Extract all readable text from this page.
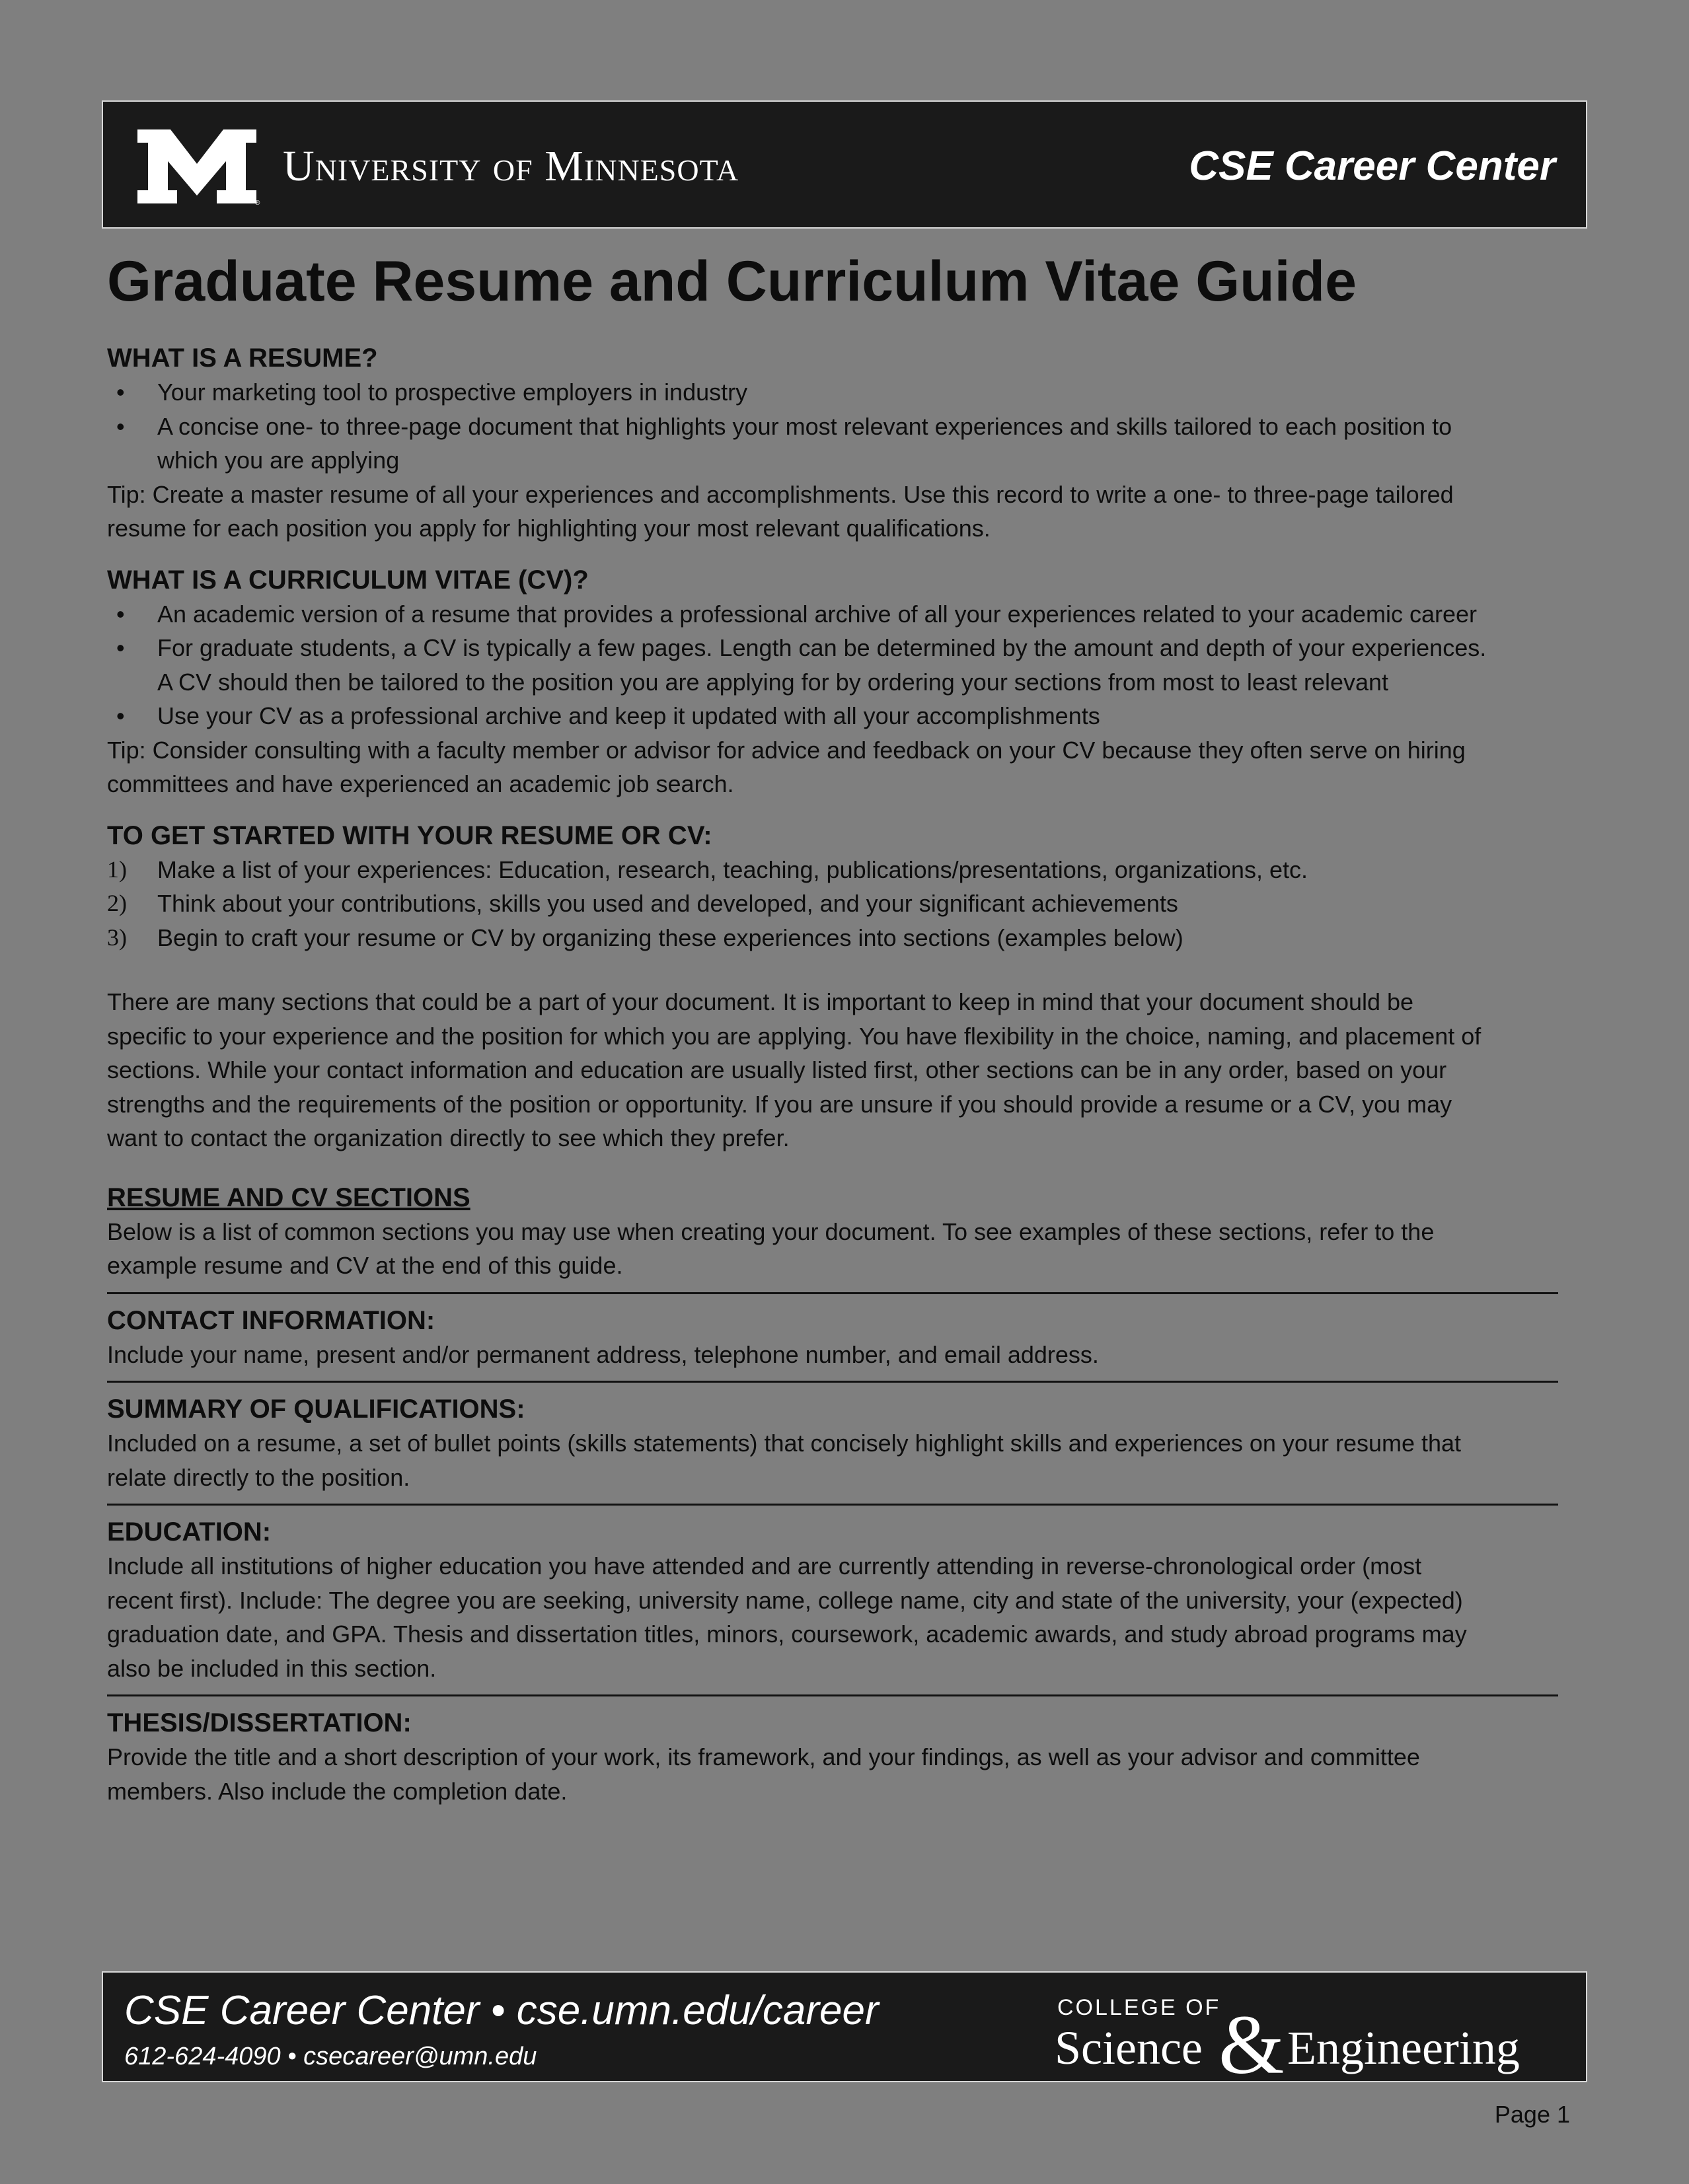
®
University of Minnesota	CSE Career Center
Graduate Resume and Curriculum Vitae Guide
WHAT IS A RESUME?
• Your marketing tool to prospective employers in industry
• A concise one- to three-page document that highlights your most relevant experiences and skills tailored to each position to
which you are applying
Tip: Create a master resume of all your experiences and accomplishments. Use this record to write a one- to three-page tailored
resume for each position you apply for highlighting your most relevant qualifications.
WHAT IS A CURRICULUM VITAE (CV)?
• An academic version of a resume that provides a professional archive of all your experiences related to your academic career
• For graduate students, a CV is typically a few pages. Length can be determined by the amount and depth of your experiences.
A CV should then be tailored to the position you are applying for by ordering your sections from most to least relevant
• Use your CV as a professional archive and keep it updated with all your accomplishments
Tip: Consider consulting with a faculty member or advisor for advice and feedback on your CV because they often serve on hiring
committees and have experienced an academic job search.
TO GET STARTED WITH YOUR RESUME OR CV:
1) Make a list of your experiences: Education, research, teaching, publications/presentations, organizations, etc.
2) Think about your contributions, skills you used and developed, and your significant achievements
3) Begin to craft your resume or CV by organizing these experiences into sections (examples below)
There are many sections that could be a part of your document. It is important to keep in mind that your document should be
specific to your experience and the position for which you are applying. You have flexibility in the choice, naming, and placement of
sections. While your contact information and education are usually listed first, other sections can be in any order, based on your
strengths and the requirements of the position or opportunity. If you are unsure if you should provide a resume or a CV, you may
want to contact the organization directly to see which they prefer.
RESUME AND CV SECTIONS
Below is a list of common sections you may use when creating your document. To see examples of these sections, refer to the
example resume and CV at the end of this guide.
CONTACT INFORMATION:
Include your name, present and/or permanent address, telephone number, and email address.
SUMMARY OF QUALIFICATIONS:
Included on a resume, a set of bullet points (skills statements) that concisely highlight skills and experiences on your resume that
relate directly to the position.
EDUCATION:
Include all institutions of higher education you have attended and are currently attending in reverse-chronological order (most
recent first). Include: The degree you are seeking, university name, college name, city and state of the university, your (expected)
graduation date, and GPA. Thesis and dissertation titles, minors, coursework, academic awards, and study abroad programs may
also be included in this section.
THESIS/DISSERTATION:
Provide the title and a short description of your work, its framework, and your findings, as well as your advisor and committee
members. Also include the completion date.
CSE Career Center • cse.umn.edu/career
612-624-4090 • csecareer@umn.edu
COLLEGE OF
Science & Engineering
Page 1
